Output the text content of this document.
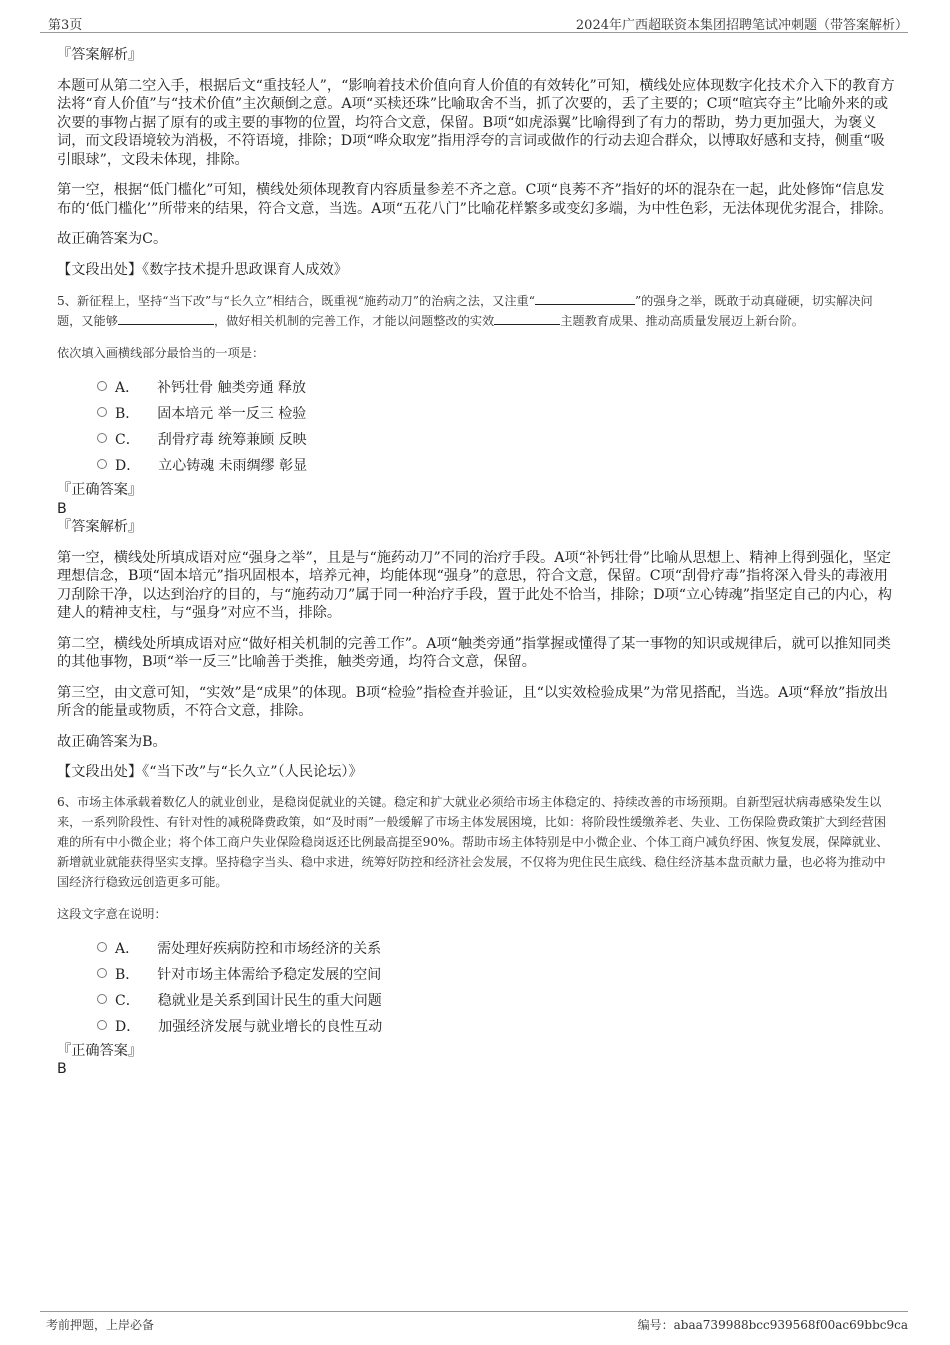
第3页	2024年广西超联资本集团招聘笔试冲刺题（带答案解析）

『答案解析』

本题可从第二空入手，根据后文“重技轻人”，“影响着技术价值向育人价值的有效转化”可知，横线处应体现数字化技术介入下的教育方法将“育人价值”与“技术价值”主次颠倒之意。A项“买椟还珠”比喻取舍不当，抓了次要的，丢了主要的；C项“喧宾夺主”比喻外来的或次要的事物占据了原有的或主要的事物的位置，均符合文意，保留。B项“如虎添翼”比喻得到了有力的帮助，势力更加强大，为褒义词，而文段语境较为消极，不符语境，排除；D项“哗众取宠”指用浮夸的言词或做作的行动去迎合群众，以博取好感和支持，侧重“吸引眼球”，文段未体现，排除。

第一空，根据“低门槛化”可知，横线处须体现教育内容质量参差不齐之意。C项“良莠不齐”指好的坏的混杂在一起，此处修饰“信息发布的‘低门槛化’”所带来的结果，符合文意，当选。A项“五花八门”比喻花样繁多或变幻多端，为中性色彩，无法体现优劣混合，排除。

故正确答案为C。

【文段出处】《数字技术提升思政课育人成效》

5、新征程上，坚持“当下改”与“长久立”相结合，既重视“施药动刀”的治病之法，又注重“	”的强身之举，既敢于动真碰硬，切实解决问题，又能够	，做好相关机制的完善工作，才能以问题整改的实效	主题教育成果、推动高质量发展迈上新台阶。

依次填入画横线部分最恰当的一项是：

A． 补钙壮骨 触类旁通 释放
B． 固本培元 举一反三 检验
C． 刮骨疗毒 统筹兼顾 反映
D． 立心铸魂 未雨绸缪 彰显

『正确答案』

B

『答案解析』

第一空，横线处所填成语对应“强身之举”，且是与“施药动刀”不同的治疗手段。A项“补钙壮骨”比喻从思想上、精神上得到强化，坚定理想信念，B项“固本培元”指巩固根本，培养元神，均能体现“强身”的意思，符合文意，保留。C项“刮骨疗毒”指将深入骨头的毒液用刀刮除干净，以达到治疗的目的，与“施药动刀”属于同一种治疗手段，置于此处不恰当，排除；D项“立心铸魂”指坚定自己的内心，构建人的精神支柱，与“强身”对应不当，排除。

第二空，横线处所填成语对应“做好相关机制的完善工作”。A项“触类旁通”指掌握或懂得了某一事物的知识或规律后，就可以推知同类的其他事物，B项“举一反三”比喻善于类推，触类旁通，均符合文意，保留。

第三空，由文意可知，“实效”是“成果”的体现。B项“检验”指检查并验证，且“以实效检验成果”为常见搭配，当选。A项“释放”指放出所含的能量或物质，不符合文意，排除。

故正确答案为B。

【文段出处】《“当下改”与“长久立”（人民论坛）》

6、市场主体承载着数亿人的就业创业，是稳岗促就业的关键。稳定和扩大就业必须给市场主体稳定的、持续改善的市场预期。自新型冠状病毒感染发生以来，一系列阶段性、有针对性的减税降费政策，如“及时雨”一般缓解了市场主体发展困境，比如：将阶段性缓缴养老、失业、工伤保险费政策扩大到经营困难的所有中小微企业；将个体工商户失业保险稳岗返还比例最高提至90%。帮助市场主体特别是中小微企业、个体工商户减负纾困、恢复发展，保障就业、新增就业就能获得坚实支撑。坚持稳字当头、稳中求进，统筹好防控和经济社会发展，不仅将为兜住民生底线、稳住经济基本盘贡献力量，也必将为推动中国经济行稳致远创造更多可能。

这段文字意在说明：

A． 需处理好疾病防控和市场经济的关系
B． 针对市场主体需给予稳定发展的空间
C． 稳就业是关系到国计民生的重大问题
D． 加强经济发展与就业增长的良性互动

『正确答案』

B

考前押题，上岸必备	编号：abaa739988bcc939568f00ac69bbc9ca
